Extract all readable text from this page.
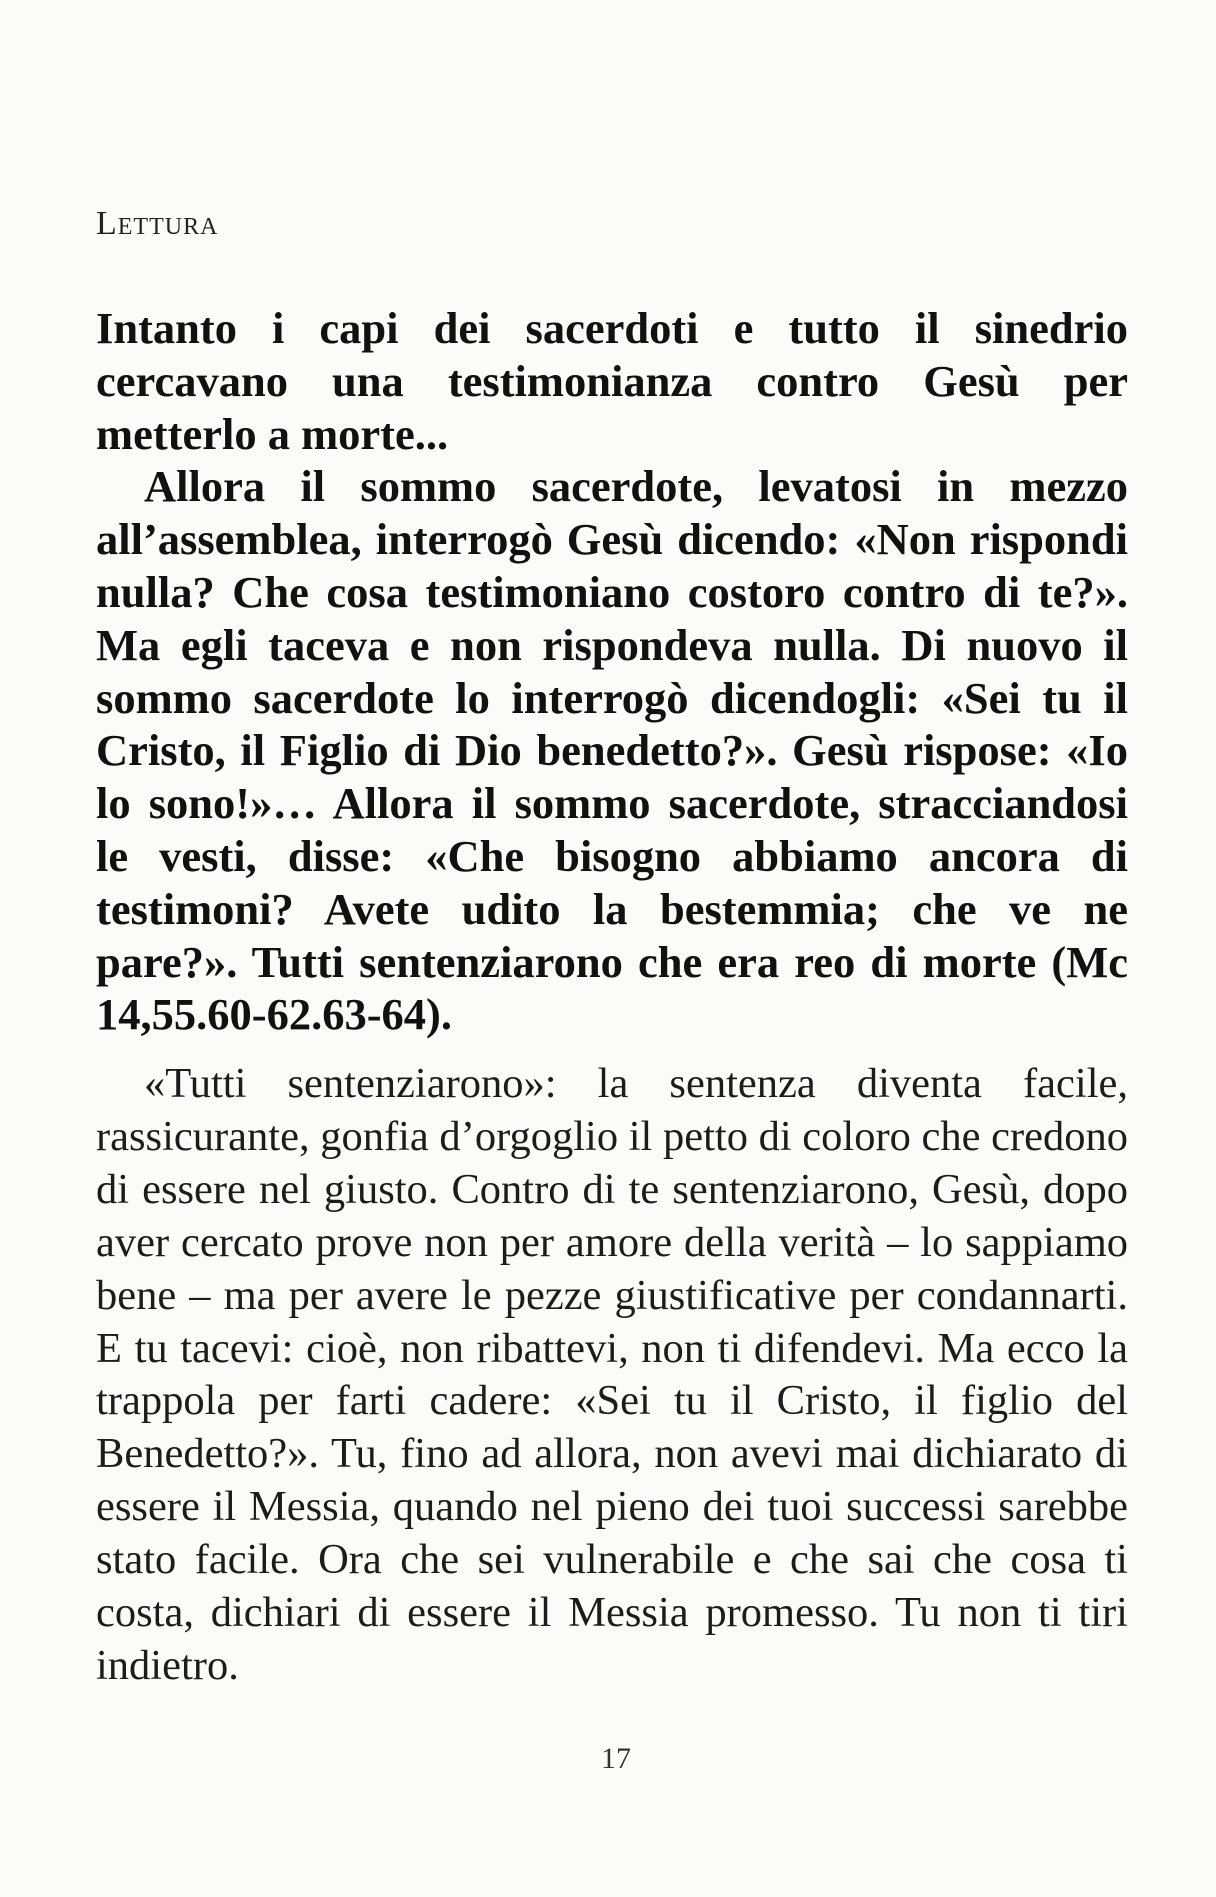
Lettura

Intanto i capi dei sacerdoti e tutto il sinedrio cercavano una testimonianza contro Gesù per metterlo a morte...

Allora il sommo sacerdote, levatosi in mezzo all’assemblea, interrogò Gesù dicendo: «Non rispondi nulla? Che cosa testimoniano costoro contro di te?». Ma egli taceva e non rispondeva nulla. Di nuovo il sommo sacerdote lo interrogò dicendogli: «Sei tu il Cristo, il Figlio di Dio benedetto?». Gesù rispose: «Io lo sono!»… Allora il sommo sacerdote, stracciandosi le vesti, disse: «Che bisogno abbiamo ancora di testimoni? Avete udito la bestemmia; che ve ne pare?». Tutti sentenziarono che era reo di morte (Mc 14,55.60-62.63-64).

«Tutti sentenziarono»: la sentenza diventa facile, rassicurante, gonfia d’orgoglio il petto di coloro che credono di essere nel giusto. Contro di te sentenziarono, Gesù, dopo aver cercato prove non per amore della verità – lo sappiamo bene – ma per avere le pezze giustificative per condannarti. E tu tacevi: cioè, non ribattevi, non ti difendevi. Ma ecco la trappola per farti cadere: «Sei tu il Cristo, il figlio del Benedetto?». Tu, fino ad allora, non avevi mai dichiarato di essere il Messia, quando nel pieno dei tuoi successi sarebbe stato facile. Ora che sei vulnerabile e che sai che cosa ti costa, dichiari di essere il Messia promesso. Tu non ti tiri indietro.

17
